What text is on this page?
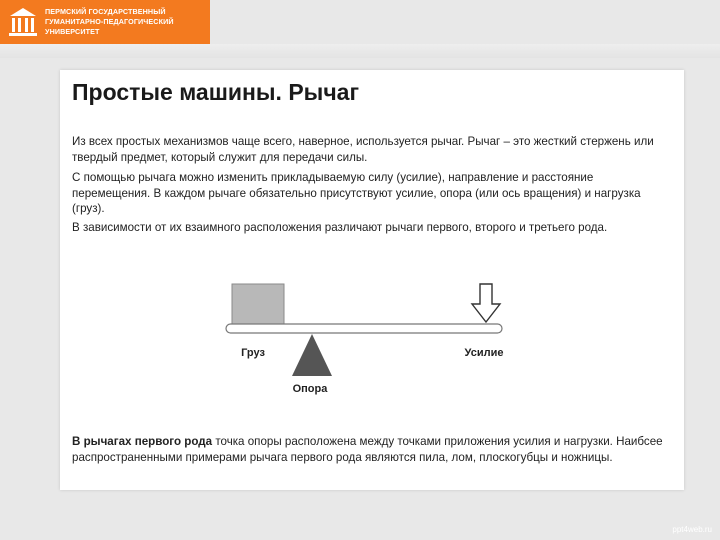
ПЕРМСКИЙ ГОСУДАРСТВЕННЫЙ
ГУМАНИТАРНО-ПЕДАГОГИЧЕСКИЙ
УНИВЕРСИТЕТ
Простые машины. Рычаг
Из всех простых механизмов чаще всего, наверное, используется рычаг. Рычаг – это жесткий стержень или твердый предмет, который служит для передачи силы.
С помощью рычага можно изменить прикладываемую силу (усилие), направление и расстояние перемещения. В каждом рычаге обязательно присутствуют усилие, опора (или ось вращения) и нагрузка (груз).
В зависимости от их взаимного расположения различают рычаги первого, второго и третьего рода.
Груз	Усилие
Опора
В рычагах первого рода точка опоры расположена между точками приложения усилия и нагрузки. Наибсее распространенными примерами рычага первого рода являются пила, лом, плоскогубцы и ножницы.
ppt4web.ru
